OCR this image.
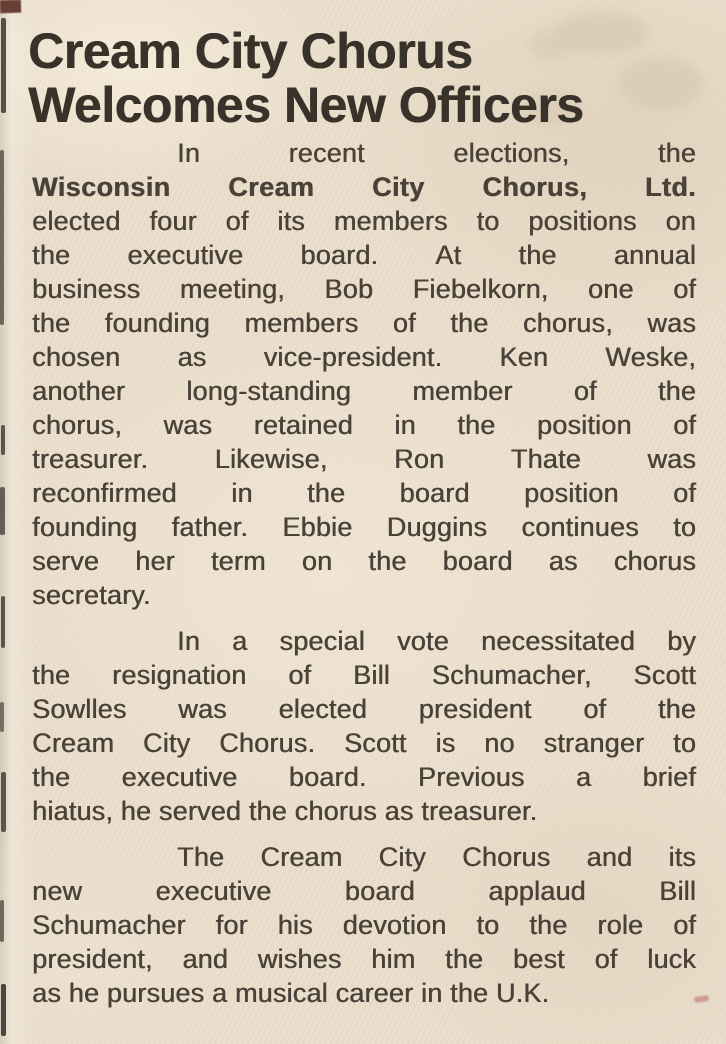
Cream City Chorus
Welcomes New Officers
In	recent	elections,	the
Wisconsin Cream City Chorus, Ltd.
elected four of its members to positions on
the executive board. At the annual
business meeting, Bob Fiebelkorn, one of
the founding members of the chorus, was
chosen as vice-president. Ken Weske,
another long-standing member of the
chorus, was retained in the position of
treasurer. Likewise, Ron Thate was
reconfirmed in the board position of
founding father. Ebbie Duggins continues to
serve her term on the board as chorus
secretary.
In a special vote necessitated by
the resignation of Bill Schumacher, Scott
Sowlles was elected president of the
Cream City Chorus. Scott is no stranger to
the executive board. Previous a brief
hiatus, he served the chorus as treasurer.
The Cream City Chorus and its
new	executive	board	applaud	Bill
Schumacher for his devotion to the role of
president, and wishes him the best of luck
as he pursues a musical career in the U.K.
